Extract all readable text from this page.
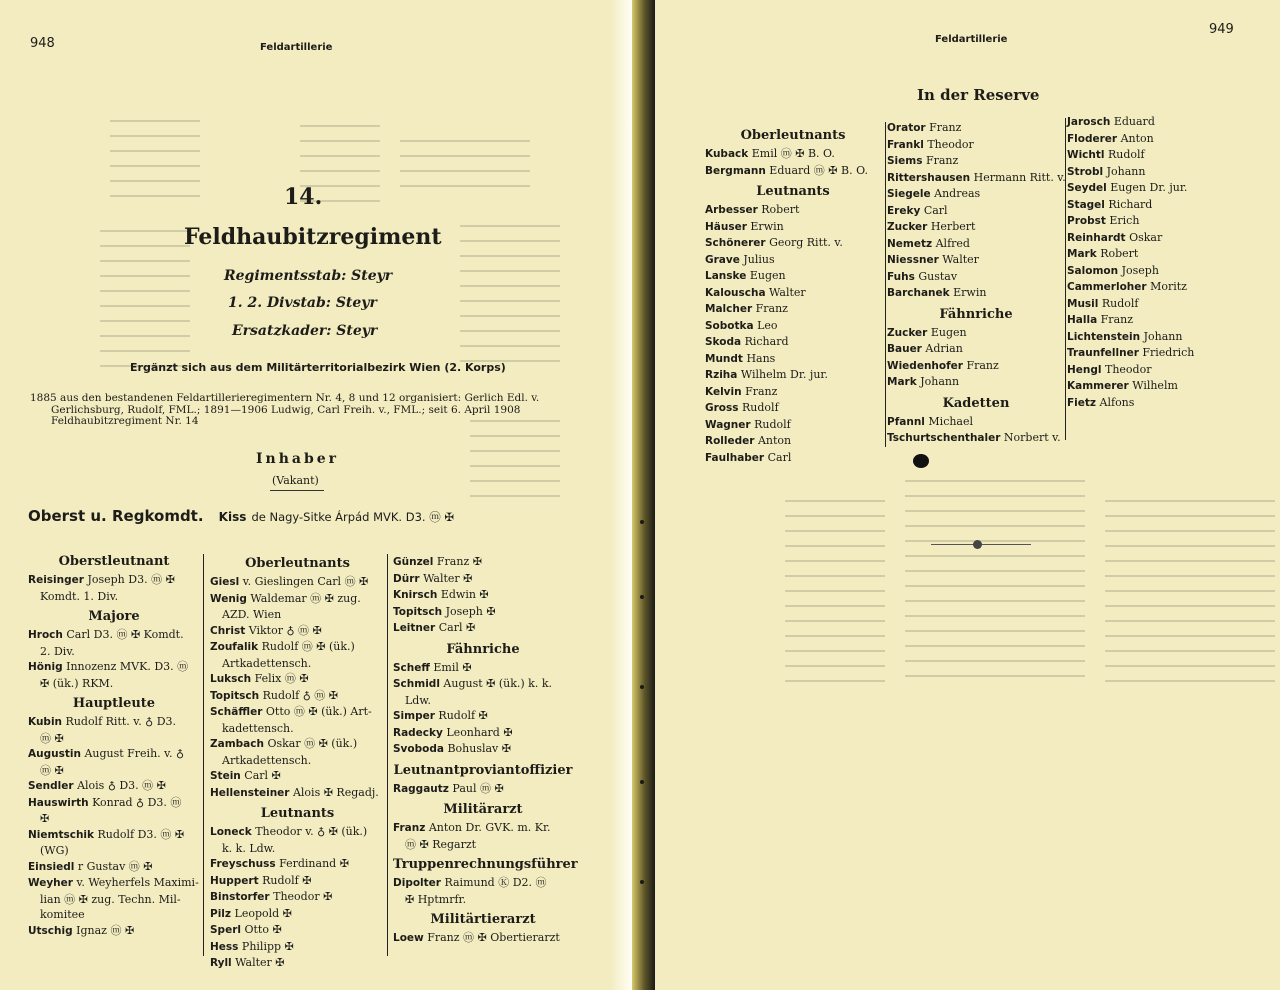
948	Feldartillerie
14.
Feldhaubitzregiment
Regimentsstab: Steyr
1. 2. Divstab: Steyr
Ersatzkader: Steyr
Ergänzt sich aus dem Militärterritorialbezirk Wien (2. Korps)
1885 aus den bestandenen Feldartillerieregimentern Nr. 4, 8 und 12 organisiert: Gerlich Edl. v.
Gerlichsburg, Rudolf, FML.; 1891—1906 Ludwig, Carl Freih. v., FML.; seit 6. April 1908
Feldhaubitzregiment Nr. 14
Inhaber
(Vakant)
Oberst u. Regkomdt. Kiss de Nagy-Sitke Árpád MVK. D3. ⓜ ✠
Oberstleutnant
Reisinger Joseph D3. ⓜ ✠
Komdt. 1. Div.
Majore
Hroch Carl D3. ⓜ ✠ Komdt.
2. Div.
Hönig Innozenz MVK. D3. ⓜ
✠ (ük.) RKM.
Hauptleute
Kubin Rudolf Ritt. v. ♁ D3.
ⓜ ✠
Augustin August Freih. v. ♁
ⓜ ✠
Sendler Alois ♁ D3. ⓜ ✠
Hauswirth Konrad ♁ D3. ⓜ
✠
Niemtschik Rudolf D3. ⓜ ✠
(WG)
Einsiedl r Gustav ⓜ ✠
Weyher v. Weyherfels Maximi-
lian ⓜ ✠ zug. Techn. Mil-
komitee
Utschig Ignaz ⓜ ✠
Oberleutnants
Giesl v. Gieslingen Carl ⓜ ✠
Wenig Waldemar ⓜ ✠ zug.
AZD. Wien
Christ Viktor ♁ ⓜ ✠
Zoufalik Rudolf ⓜ ✠ (ük.)
Artkadettensch.
Luksch Felix ⓜ ✠
Topitsch Rudolf ♁ ⓜ ✠
Schäffler Otto ⓜ ✠ (ük.) Art-
kadettensch.
Zambach Oskar ⓜ ✠ (ük.)
Artkadettensch.
Stein Carl ✠
Hellensteiner Alois ✠ Regadj.
Leutnants
Loneck Theodor v. ♁ ✠ (ük.)
k. k. Ldw.
Freyschuss Ferdinand ✠
Huppert Rudolf ✠
Binstorfer Theodor ✠
Pilz Leopold ✠
Sperl Otto ✠
Hess Philipp ✠
Ryll Walter ✠
Günzel Franz ✠
Dürr Walter ✠
Knirsch Edwin ✠
Topitsch Joseph ✠
Leitner Carl ✠
Fähnriche
Scheff Emil ✠
Schmidl August ✠ (ük.) k. k.
Ldw.
Simper Rudolf ✠
Radecky Leonhard ✠
Svoboda Bohuslav ✠
Leutnantproviantoffizier
Raggautz Paul ⓜ ✠
Militärarzt
Franz Anton Dr. GVK. m. Kr.
ⓜ ✠ Regarzt
Truppenrechnungsführer
Dipolter Raimund Ⓚ D2. ⓜ
✠ Hptmrfr.
Militärtierarzt
Loew Franz ⓜ ✠ Obertierarzt
Feldartillerie
949
In der Reserve
Oberleutnants
Kuback Emil ⓜ ✠ B. O.
Bergmann Eduard ⓜ ✠ B. O.
Leutnants
Arbesser Robert
Häuser Erwin
Schönerer Georg Ritt. v.
Grave Julius
Lanske Eugen
Kalouscha Walter
Malcher Franz
Sobotka Leo
Skoda Richard
Mundt Hans
Rziha Wilhelm Dr. jur.
Kelvin Franz
Gross Rudolf
Wagner Rudolf
Rolleder Anton
Faulhaber Carl
Orator Franz
Frankl Theodor
Siems Franz
Rittershausen Hermann Ritt. v.
Siegele Andreas
Ereky Carl
Zucker Herbert
Nemetz Alfred
Niessner Walter
Fuhs Gustav
Barchanek Erwin
Fähnriche
Zucker Eugen
Bauer Adrian
Wiedenhofer Franz
Mark Johann
Kadetten
Pfannl Michael
Tschurtschenthaler Norbert v.
Jarosch Eduard
Floderer Anton
Wichtl Rudolf
Strobl Johann
Seydel Eugen Dr. jur.
Stagel Richard
Probst Erich
Reinhardt Oskar
Mark Robert
Salomon Joseph
Cammerloher Moritz
Musil Rudolf
Halla Franz
Lichtenstein Johann
Traunfellner Friedrich
Hengl Theodor
Kammerer Wilhelm
Fietz Alfons
